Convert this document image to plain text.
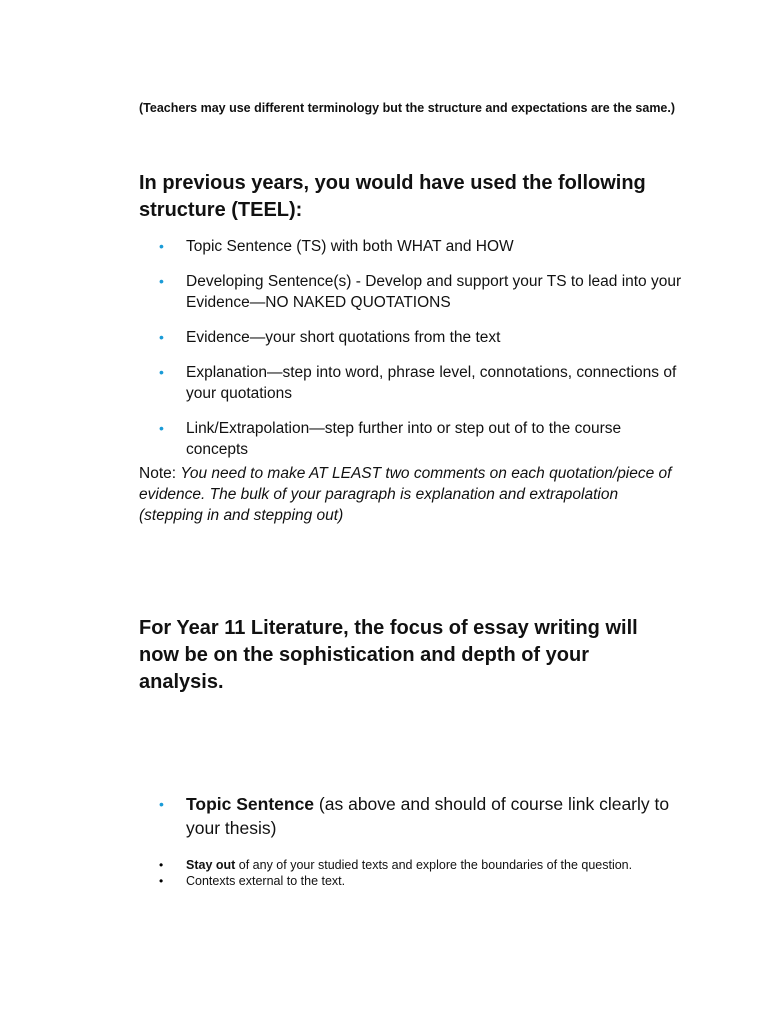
(Teachers may use different terminology but the structure and expectations are the same.)
In previous years, you would have used the following structure (TEEL):
• Topic Sentence (TS) with both WHAT and HOW
• Developing Sentence(s) - Develop and support your TS to lead into your Evidence—NO NAKED QUOTATIONS
• Evidence—your short quotations from the text
• Explanation—step into word, phrase level, connotations, connections of your quotations
• Link/Extrapolation—step further into or step out of to the course concepts
Note: You need to make AT LEAST two comments on each quotation/piece of evidence. The bulk of your paragraph is explanation and extrapolation (stepping in and stepping out)
For Year 11 Literature, the focus of essay writing will now be on the sophistication and depth of your analysis.
• Topic Sentence (as above and should of course link clearly to your thesis)
• Stay out of any of your studied texts and explore the boundaries of the question.
• Contexts external to the text.
